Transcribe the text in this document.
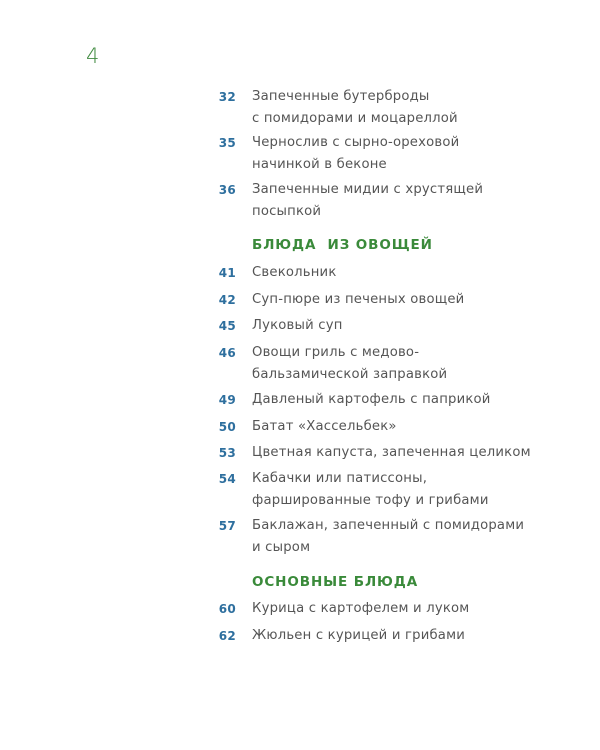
4
32 Запеченные бутерброды
с помидорами и моцареллой
35 Чернослив с сырно-ореховой
начинкой в беконе
36 Запеченные мидии с хрустящей
посыпкой
БЛЮДА  ИЗ ОВОЩЕЙ
41 Свекольник
42 Суп-пюре из печеных овощей
45 Луковый суп
46 Овощи гриль с медово-
бальзамической заправкой
49 Давленый картофель с паприкой
50 Батат «Хассельбек»
53 Цветная капуста, запеченная целиком
54 Кабачки или патиссоны,
фаршированные тофу и грибами
57 Баклажан, запеченный с помидорами
и сыром
ОСНОВНЫЕ БЛЮДА
60 Курица с картофелем и луком
62 Жюльен с курицей и грибами
